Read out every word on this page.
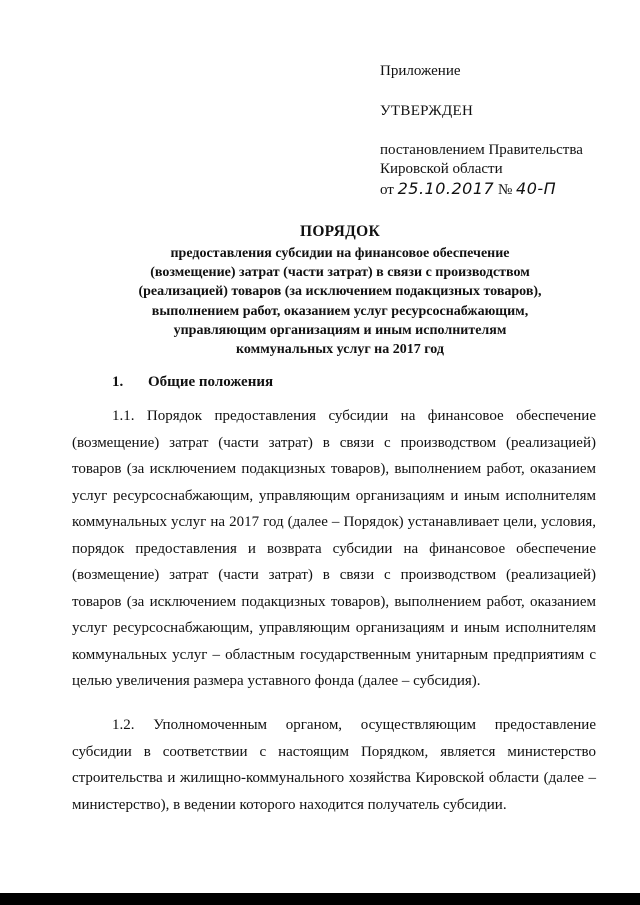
Приложение

УТВЕРЖДЕН

постановлением Правительства

Кировской области

от 25.10.2017 № 40-П

ПОРЯДОК

предоставления субсидии на финансовое обеспечение

(возмещение) затрат (части затрат) в связи с производством

(реализацией) товаров (за исключением подакцизных товаров),

выполнением работ, оказанием услуг ресурсоснабжающим,

управляющим организациям и иным исполнителям

коммунальных услуг на 2017 год

1. Общие положения

1.1. Порядок предоставления субсидии на финансовое обеспечение (возмещение) затрат (части затрат) в связи с производством (реализацией) товаров (за исключением подакцизных товаров), выполнением работ, оказанием услуг ресурсоснабжающим, управляющим организациям и иным исполнителям коммунальных услуг на 2017 год (далее – Порядок) устанавливает цели, условия, порядок предоставления и возврата субсидии на финансовое обеспечение (возмещение) затрат (части затрат) в связи с производством (реализацией) товаров (за исключением подакцизных товаров), выполнением работ, оказанием услуг ресурсоснабжающим, управляющим организациям и иным исполнителям коммунальных услуг – областным государственным унитарным предприятиям с целью увеличения размера уставного фонда (далее – субсидия).

1.2. Уполномоченным органом, осуществляющим предоставление субсидии в соответствии с настоящим Порядком, является министерство строительства и жилищно-коммунального хозяйства Кировской области (далее – министерство), в ведении которого находится получатель субсидии.
